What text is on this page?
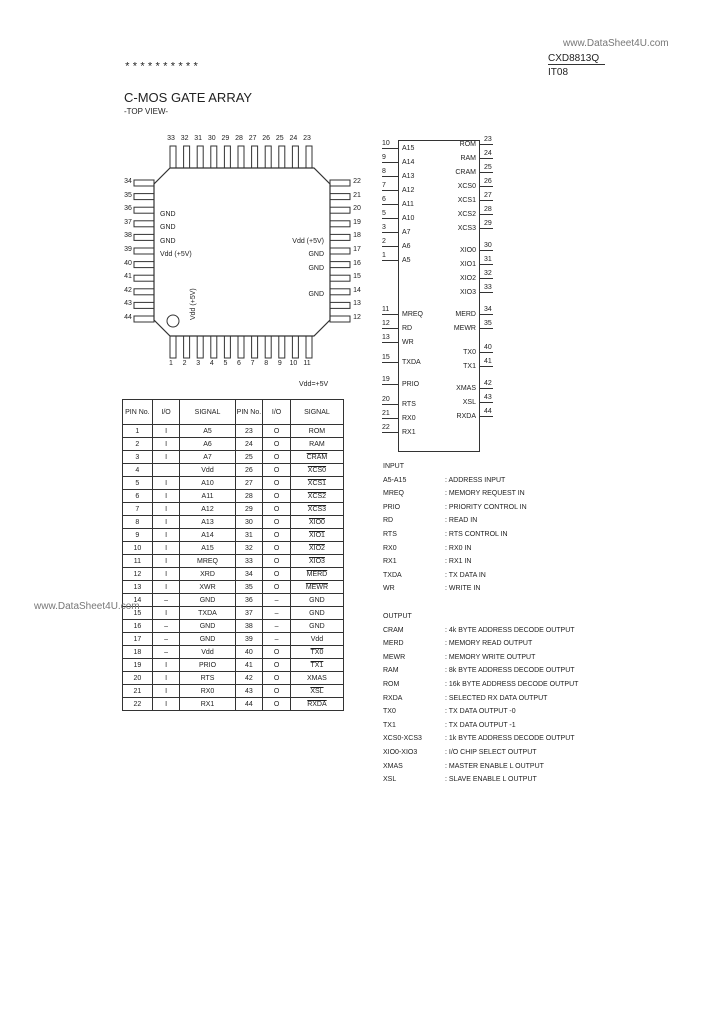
www.DataSheet4U.com
**********
CXD8813Q
IT08
C-MOS GATE ARRAY
-TOP VIEW-
33 32 31 30 29 28 27 26 25 24 23
1	2	3	4	5	6	7	8	9	10 11
34
35
36
37
38
39
40
41
42
43
44
22
21
20
19
18
17
16
15
14
13
12
GND
GND
GND
Vdd (+5V)
Vdd (+5V)
GND
GND
GND
Vdd (+5V)
Vdd=+5V
PIN No.	I/O	SIGNAL	PIN No.	I/O	SIGNAL
1	I	A5	23	O	ROM
2	I	A6	24	O	RAM
3	I	A7	25	O	CRAM
4		Vdd	26	O	XCS0
5	I	A10	27	O	XCS1
6	I	A11	28	O	XCS2
7	I	A12	29	O	XCS3
8	I	A13	30	O	XIO0
9	I	A14	31	O	XIO1
10	I	A15	32	O	XIO2
11	I	MREQ	33	O	XIO3
12	I	XRD	34	O	MERD
13	I	XWR	35	O	MEWR
14	–	GND	36	–	GND
15	I	TXDA	37	–	GND
16	–	GND	38	–	GND
17	–	GND	39	–	Vdd
18	–	Vdd	40	O	TX0
19	I	PRIO	41	O	TX1
20	I	RTS	42	O	XMAS
21	I	RX0	43	O	$\overline{XSL}$
22	I	RX1	44	O	RXDA
www.DataSheet4U.com
10
A15
9
A14
8
A13
7
A12
6
A11
5
A10
3
A7
2
A6
1
A5
11
MREQ
12
RD
13
WR
15
TXDA
19
PRIO
20
RTS
21
RX0
22
RX1
ROM
23
RAM
24
CRAM
25
XCS0
26
XCS1
27
XCS2
28
XCS3
29
XIO0
30
XIO1
31
XIO2
32
XIO3
33
MERD
34
MEWR
35
TX0
40
TX1
41
XMAS
42
XSL
43
RXDA
44
INPUT
A5-A15	: ADDRESS INPUT
MREQ	: MEMORY REQUEST IN
PRIO	: PRIORITY CONTROL IN
RD	: READ IN
RTS	: RTS CONTROL IN
RX0	: RX0 IN
RX1	: RX1 IN
TXDA	: TX DATA IN
WR	: WRITE IN
OUTPUT
CRAM	: 4k BYTE ADDRESS DECODE OUTPUT
MERD	: MEMORY READ OUTPUT
MEWR	: MEMORY WRITE OUTPUT
RAM	: 8k BYTE ADDRESS DECODE OUTPUT
ROM	: 16k BYTE ADDRESS DECODE OUTPUT
RXDA	: SELECTED RX DATA OUTPUT
TX0	: TX DATA OUTPUT -0
TX1	: TX DATA OUTPUT -1
XCS0-XCS3	: 1k BYTE ADDRESS DECODE OUTPUT
XIO0-XIO3	: I/O CHIP SELECT OUTPUT
XMAS	: MASTER ENABLE L OUTPUT
XSL	: SLAVE ENABLE L OUTPUT
